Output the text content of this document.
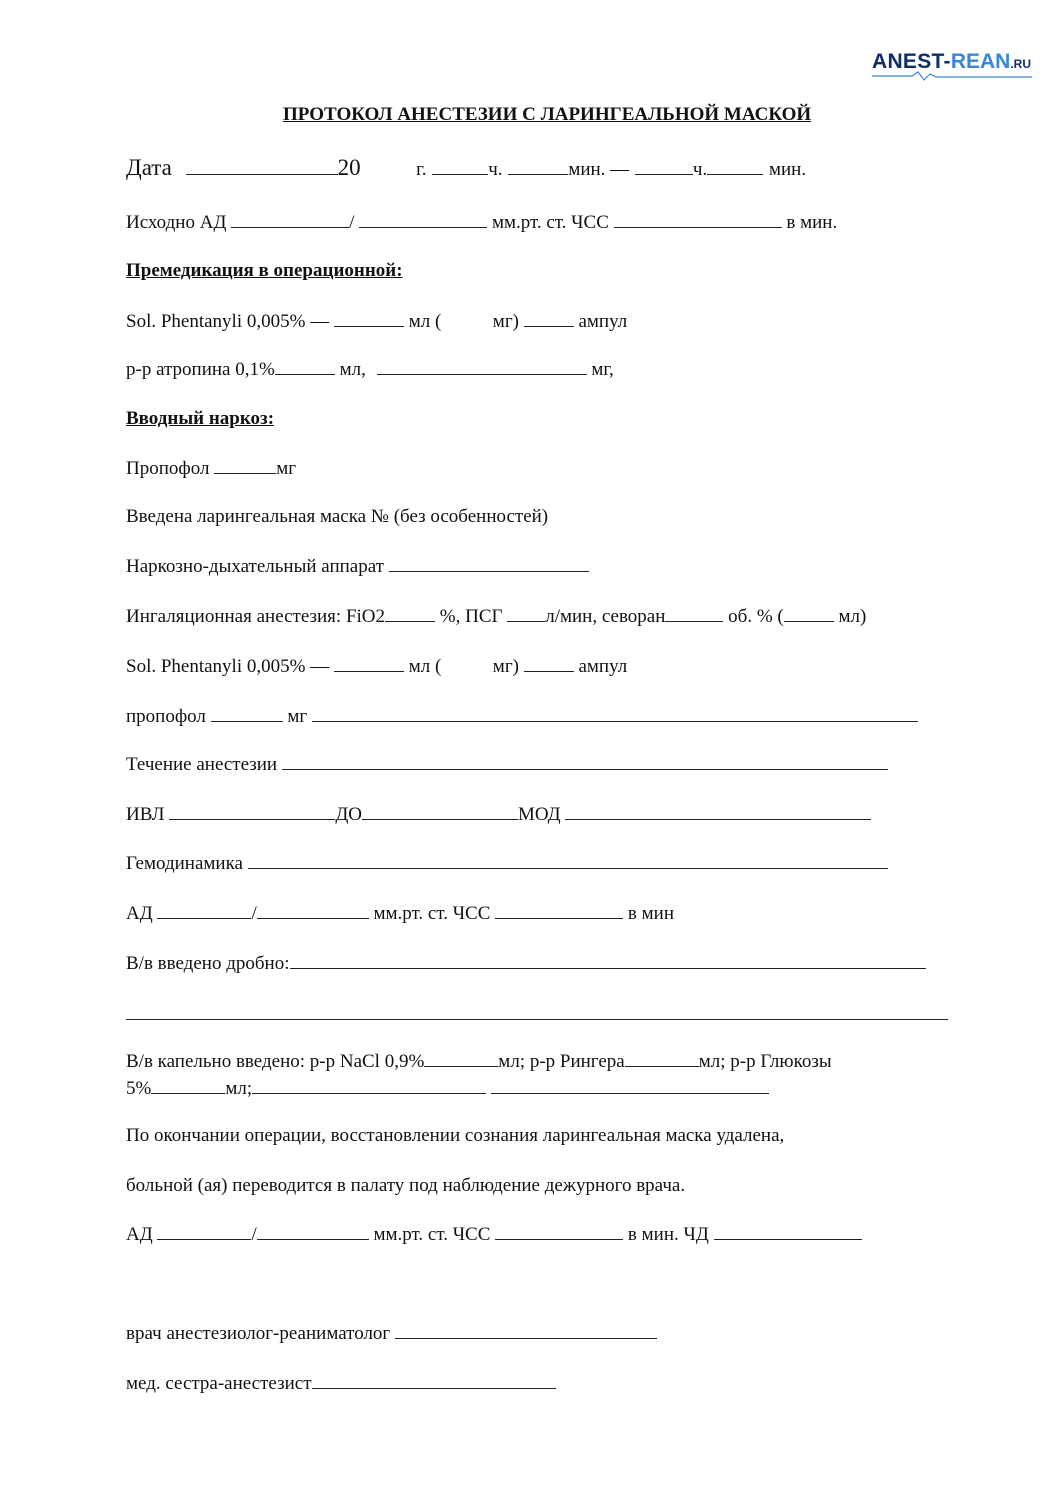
ANEST-REAN.RU
ПРОТОКОЛ АНЕСТЕЗИИ С ЛАРИНГЕАЛЬНОЙ МАСКОЙ
Дата	20	г.	ч.	мин. —	ч.	мин.
Исходно АД	/	мм.рт. ст. ЧСС	в мин.
Премедикация в операционной:
Sol. Phentanyli 0,005% —	мл (	мг)	ампул
р-р атропина 0,1%	мл,	мг,
Вводный наркоз:
Пропофол	мг
Введена ларингеальная маска № (без особенностей)
Наркозно-дыхательный аппарат
Ингаляционная анестезия: FiO2	%, ПСГ л/мин, севоран	об. % (	мл)
Sol. Phentanyli 0,005% —	мл (	мг)	ампул
пропофол	мг
Течение анестезии
ИВЛ	ДО	МОД
Гемодинамика
АД	/	мм.рт. ст. ЧСС	в мин
В/в введено дробно:
В/в капельно введено: р-р NaCl 0,9%	мл; р-р Рингера	мл; р-р Глюкозы
5%	мл;
По окончании операции, восстановлении сознания ларингеальная маска удалена,
больной (ая) переводится в палату под наблюдение дежурного врача.
АД	/	мм.рт. ст. ЧСС	в мин. ЧД
врач анестезиолог-реаниматолог
мед. сестра-анестезист
